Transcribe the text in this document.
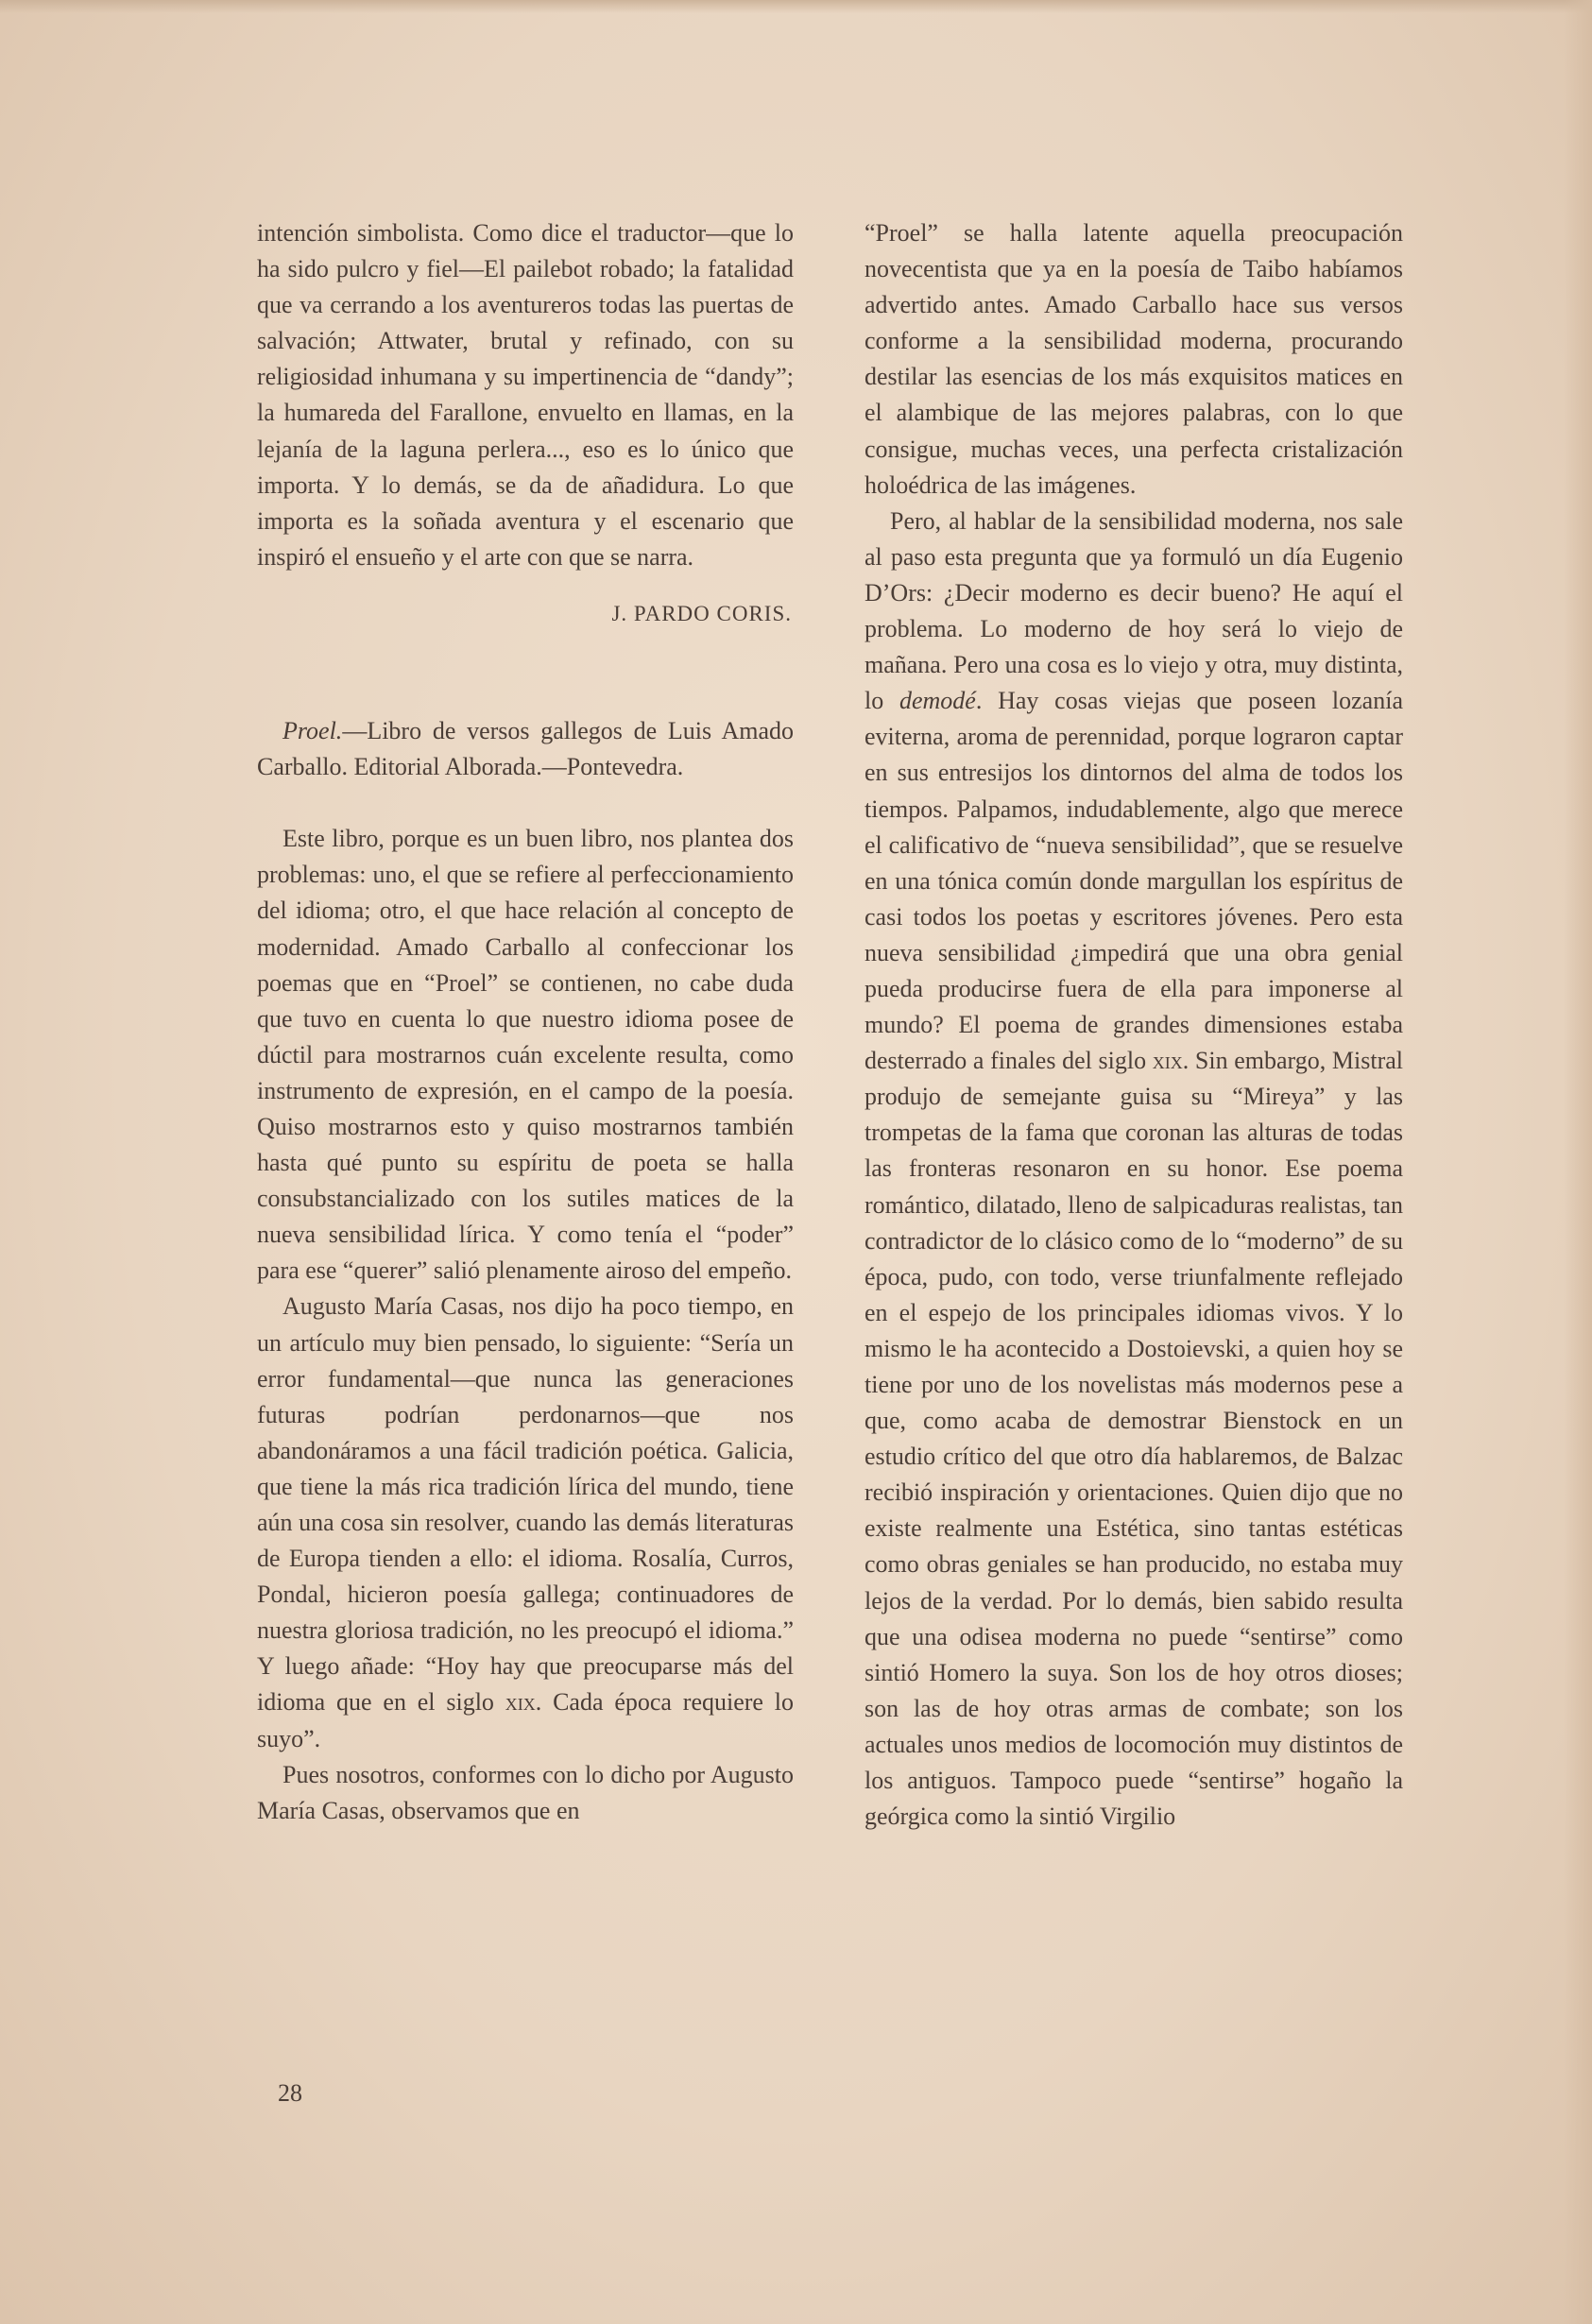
intención simbolista. Como dice el traductor—que lo ha sido pulcro y fiel—El pailebot robado; la fatalidad que va cerrando a los aventureros todas las puertas de salvación; Attwater, brutal y refinado, con su religiosidad inhumana y su impertinencia de “dandy”; la humareda del Farallone, envuelto en llamas, en la lejanía de la laguna perlera..., eso es lo único que importa. Y lo demás, se da de añadidura. Lo que importa es la soñada aventura y el escenario que inspiró el ensueño y el arte con que se narra.

J. PARDO CORIS.

Proel.—Libro de versos gallegos de Luis Amado Carballo. Editorial Alborada.—Pontevedra.

Este libro, porque es un buen libro, nos plantea dos problemas: uno, el que se refiere al perfeccionamiento del idioma; otro, el que hace relación al concepto de modernidad. Amado Carballo al confeccionar los poemas que en “Proel” se contienen, no cabe duda que tuvo en cuenta lo que nuestro idioma posee de dúctil para mostrarnos cuán excelente resulta, como instrumento de expresión, en el campo de la poesía. Quiso mostrarnos esto y quiso mostrarnos también hasta qué punto su espíritu de poeta se halla consubstancializado con los sutiles matices de la nueva sensibilidad lírica. Y como tenía el “poder” para ese “querer” salió plenamente airoso del empeño.

Augusto María Casas, nos dijo ha poco tiempo, en un artículo muy bien pensado, lo siguiente: “Sería un error fundamental—que nunca las generaciones futuras podrían perdonarnos—que nos abandonáramos a una fácil tradición poética. Galicia, que tiene la más rica tradición lírica del mundo, tiene aún una cosa sin resolver, cuando las demás literaturas de Europa tienden a ello: el idioma. Rosalía, Curros, Pondal, hicieron poesía gallega; continuadores de nuestra gloriosa tradición, no les preocupó el idioma.” Y luego añade: “Hoy hay que preocuparse más del idioma que en el siglo xix. Cada época requiere lo suyo”.

Pues nosotros, conformes con lo dicho por Augusto María Casas, observamos que en

“Proel” se halla latente aquella preocupación novecentista que ya en la poesía de Taibo habíamos advertido antes. Amado Carballo hace sus versos conforme a la sensibilidad moderna, procurando destilar las esencias de los más exquisitos matices en el alambique de las mejores palabras, con lo que consigue, muchas veces, una perfecta cristalización holoédrica de las imágenes.

Pero, al hablar de la sensibilidad moderna, nos sale al paso esta pregunta que ya formuló un día Eugenio D’Ors: ¿Decir moderno es decir bueno? He aquí el problema. Lo moderno de hoy será lo viejo de mañana. Pero una cosa es lo viejo y otra, muy distinta, lo demodé. Hay cosas viejas que poseen lozanía eviterna, aroma de perennidad, porque lograron captar en sus entresijos los dintornos del alma de todos los tiempos. Palpamos, indudablemente, algo que merece el calificativo de “nueva sensibilidad”, que se resuelve en una tónica común donde margullan los espíritus de casi todos los poetas y escritores jóvenes. Pero esta nueva sensibilidad ¿impedirá que una obra genial pueda producirse fuera de ella para imponerse al mundo? El poema de grandes dimensiones estaba desterrado a finales del siglo xix. Sin embargo, Mistral produjo de semejante guisa su “Mireya” y las trompetas de la fama que coronan las alturas de todas las fronteras resonaron en su honor. Ese poema romántico, dilatado, lleno de salpicaduras realistas, tan contradictor de lo clásico como de lo “moderno” de su época, pudo, con todo, verse triunfalmente reflejado en el espejo de los principales idiomas vivos. Y lo mismo le ha acontecido a Dostoievski, a quien hoy se tiene por uno de los novelistas más modernos pese a que, como acaba de demostrar Bienstock en un estudio crítico del que otro día hablaremos, de Balzac recibió inspiración y orientaciones. Quien dijo que no existe realmente una Estética, sino tantas estéticas como obras geniales se han producido, no estaba muy lejos de la verdad. Por lo demás, bien sabido resulta que una odisea moderna no puede “sentirse” como sintió Homero la suya. Son los de hoy otros dioses; son las de hoy otras armas de combate; son los actuales unos medios de locomoción muy distintos de los antiguos. Tampoco puede “sentirse” hogaño la geórgica como la sintió Virgilio

28
